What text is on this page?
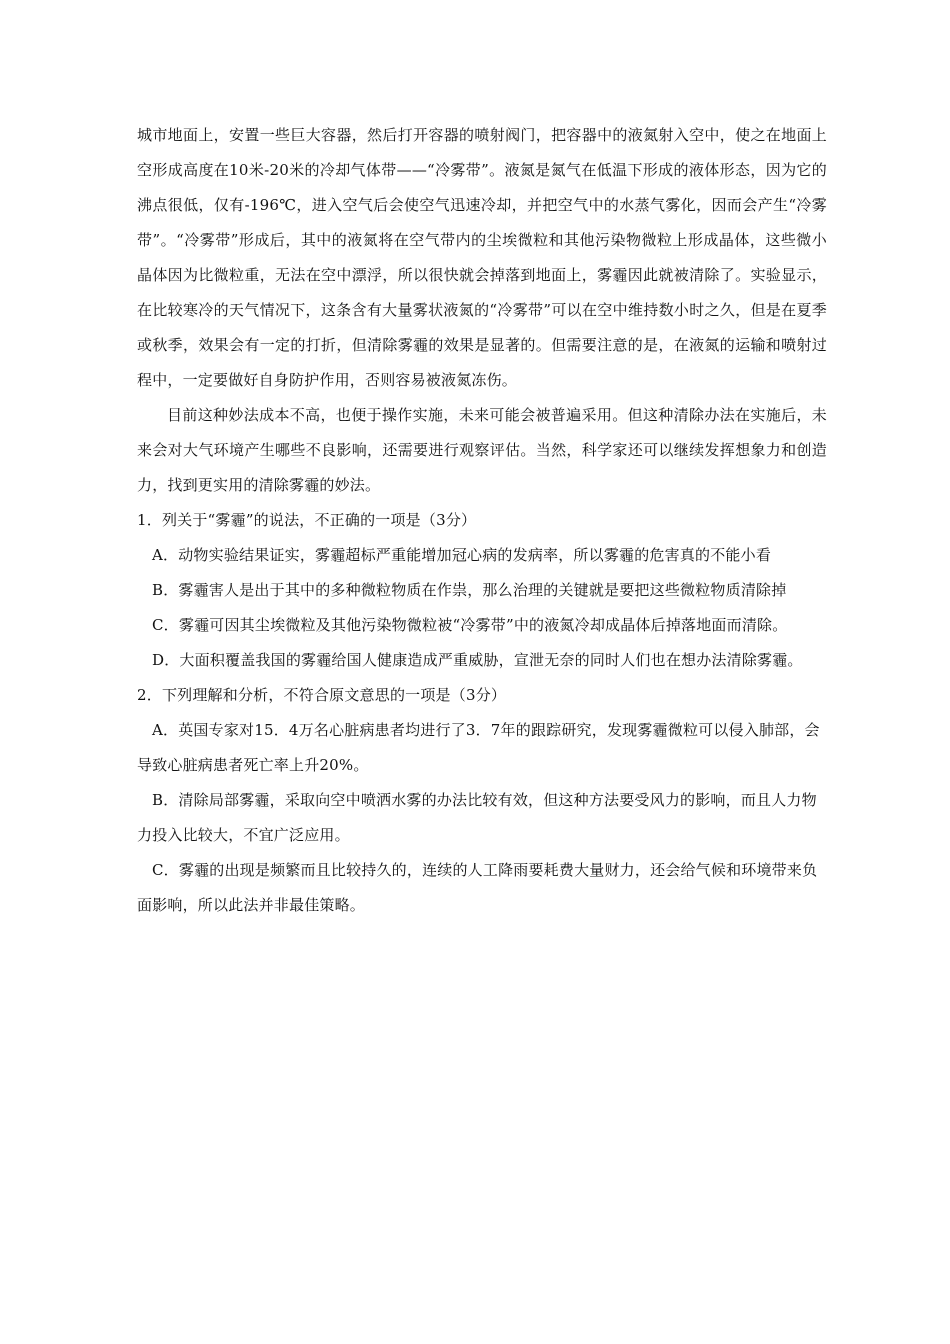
城市地面上，安置一些巨大容器，然后打开容器的喷射阀门，把容器中的液氮射入空中，使之在地面上空形成高度在10米-20米的冷却气体带——“冷雾带”。液氮是氮气在低温下形成的液体形态，因为它的沸点很低，仅有-196℃，进入空气后会使空气迅速冷却，并把空气中的水蒸气雾化，因而会产生“冷雾带”。“冷雾带”形成后，其中的液氮将在空气带内的尘埃微粒和其他污染物微粒上形成晶体，这些微小晶体因为比微粒重，无法在空中漂浮，所以很快就会掉落到地面上，雾霾因此就被清除了。实验显示，在比较寒冷的天气情况下，这条含有大量雾状液氮的“冷雾带”可以在空中维持数小时之久，但是在夏季或秋季，效果会有一定的打折，但清除雾霾的效果是显著的。但需要注意的是，在液氮的运输和喷射过程中，一定要做好自身防护作用，否则容易被液氮冻伤。

目前这种妙法成本不高，也便于操作实施，未来可能会被普遍采用。但这种清除办法在实施后，未来会对大气环境产生哪些不良影响，还需要进行观察评估。当然，科学家还可以继续发挥想象力和创造力，找到更实用的清除雾霾的妙法。

1．列关于“雾霾”的说法，不正确的一项是（3分）

A．动物实验结果证实，雾霾超标严重能增加冠心病的发病率，所以雾霾的危害真的不能小看

B．雾霾害人是出于其中的多种微粒物质在作祟，那么治理的关键就是要把这些微粒物质清除掉

C．雾霾可因其尘埃微粒及其他污染物微粒被“冷雾带”中的液氮冷却成晶体后掉落地面而清除。

D．大面积覆盖我国的雾霾给国人健康造成严重威胁，宣泄无奈的同时人们也在想办法清除雾霾。

2．下列理解和分析，不符合原文意思的一项是（3分）

A．英国专家对15．4万名心脏病患者均进行了3．7年的跟踪研究，发现雾霾微粒可以侵入肺部，会导致心脏病患者死亡率上升20%。

B．清除局部雾霾，采取向空中喷洒水雾的办法比较有效，但这种方法要受风力的影响，而且人力物力投入比较大，不宜广泛应用。

C．雾霾的出现是频繁而且比较持久的，连续的人工降雨要耗费大量财力，还会给气候和环境带来负面影响，所以此法并非最佳策略。
